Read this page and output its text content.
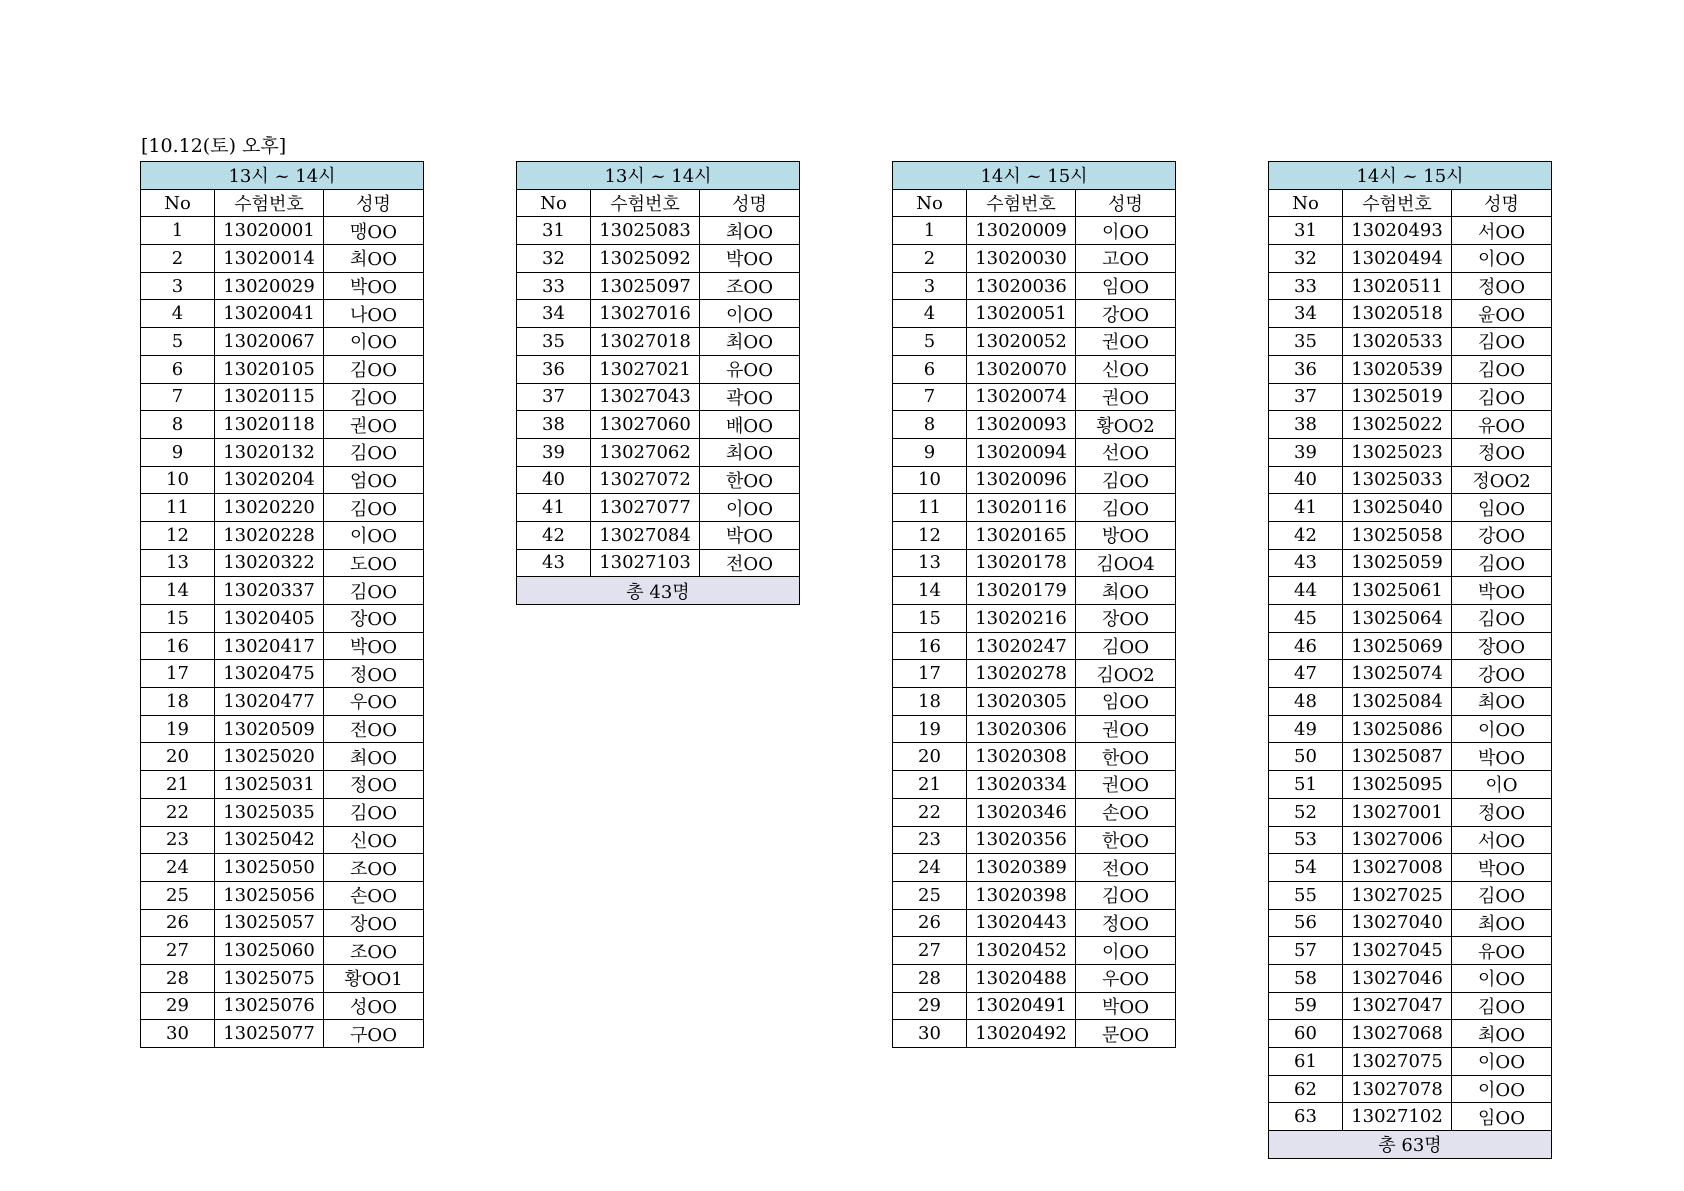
[10.12(토) 오후]
13시 ~ 14시		
No	수험번호	성명
1	13020001	맹OO
2	13020014	최OO
3	13020029	박OO
4	13020041	나OO
5	13020067	이OO
6	13020105	김OO
7	13020115	김OO
8	13020118	권OO
9	13020132	김OO
10	13020204	엄OO
11	13020220	김OO
12	13020228	이OO
13	13020322	도OO
14	13020337	김OO
15	13020405	장OO
16	13020417	박OO
17	13020475	정OO
18	13020477	우OO
19	13020509	전OO
20	13025020	최OO
21	13025031	정OO
22	13025035	김OO
23	13025042	신OO
24	13025050	조OO
25	13025056	손OO
26	13025057	장OO
27	13025060	조OO
28	13025075	황OO1
29	13025076	성OO
30	13025077	구OO
13시 ~ 14시		
No	수험번호	성명
31	13025083	최OO
32	13025092	박OO
33	13025097	조OO
34	13027016	이OO
35	13027018	최OO
36	13027021	유OO
37	13027043	곽OO
38	13027060	배OO
39	13027062	최OO
40	13027072	한OO
41	13027077	이OO
42	13027084	박OO
43	13027103	전OO
총 43명		
14시 ~ 15시		
No	수험번호	성명
1	13020009	이OO
2	13020030	고OO
3	13020036	임OO
4	13020051	강OO
5	13020052	권OO
6	13020070	신OO
7	13020074	권OO
8	13020093	황OO2
9	13020094	선OO
10	13020096	김OO
11	13020116	김OO
12	13020165	방OO
13	13020178	김OO4
14	13020179	최OO
15	13020216	장OO
16	13020247	김OO
17	13020278	김OO2
18	13020305	임OO
19	13020306	권OO
20	13020308	한OO
21	13020334	권OO
22	13020346	손OO
23	13020356	한OO
24	13020389	전OO
25	13020398	김OO
26	13020443	정OO
27	13020452	이OO
28	13020488	우OO
29	13020491	박OO
30	13020492	문OO
14시 ~ 15시		
No	수험번호	성명
31	13020493	서OO
32	13020494	이OO
33	13020511	정OO
34	13020518	윤OO
35	13020533	김OO
36	13020539	김OO
37	13025019	김OO
38	13025022	유OO
39	13025023	정OO
40	13025033	정OO2
41	13025040	임OO
42	13025058	강OO
43	13025059	김OO
44	13025061	박OO
45	13025064	김OO
46	13025069	장OO
47	13025074	강OO
48	13025084	최OO
49	13025086	이OO
50	13025087	박OO
51	13025095	이O
52	13027001	정OO
53	13027006	서OO
54	13027008	박OO
55	13027025	김OO
56	13027040	최OO
57	13027045	유OO
58	13027046	이OO
59	13027047	김OO
60	13027068	최OO
61	13027075	이OO
62	13027078	이OO
63	13027102	임OO
총 63명		
